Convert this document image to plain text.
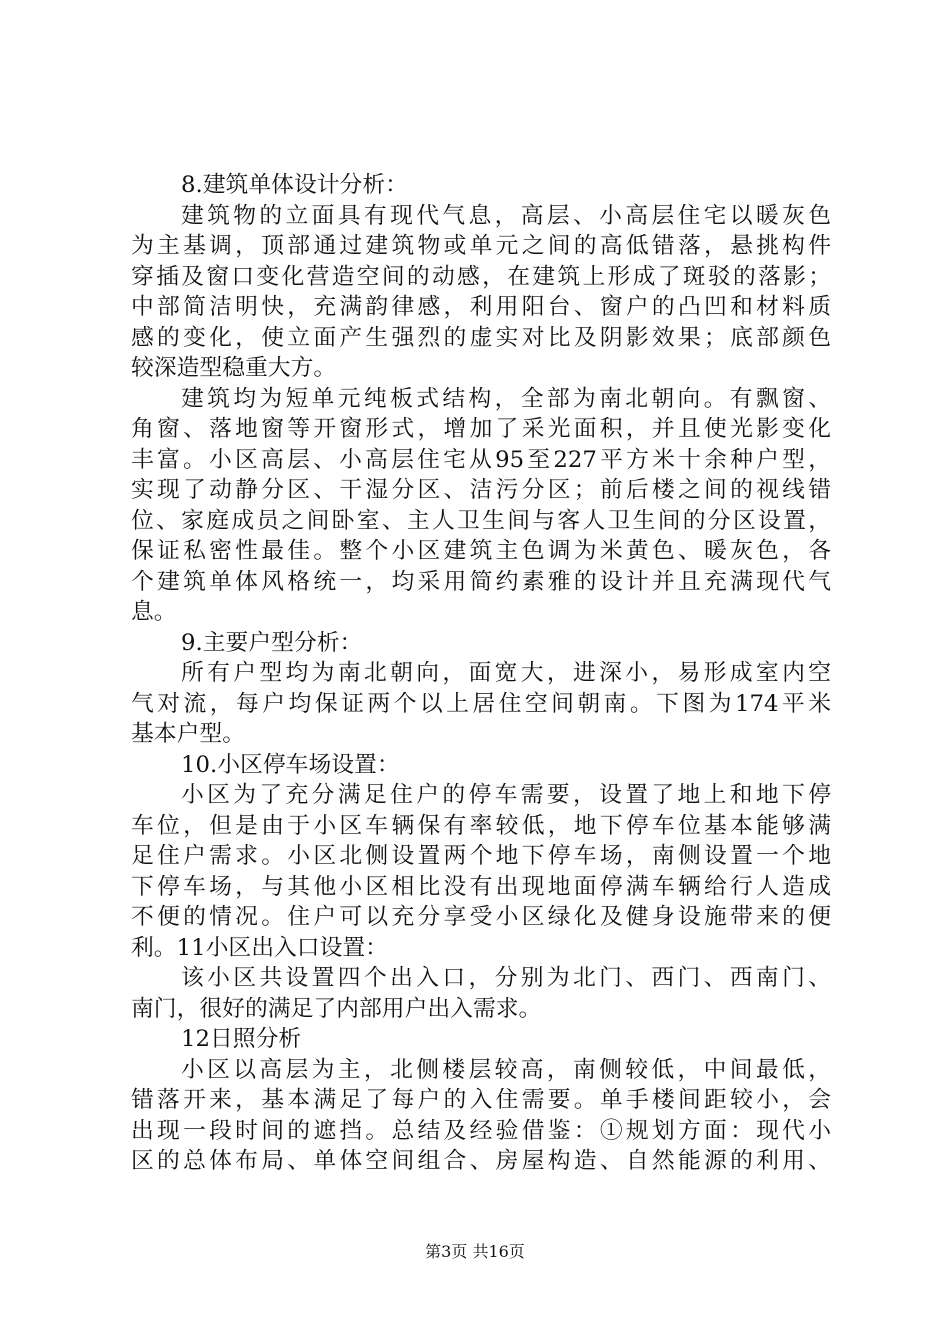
8.建筑单体设计分析：
建筑物的立面具有现代气息，高层、小高层住宅以暖灰色
为主基调，顶部通过建筑物或单元之间的高低错落，悬挑构件
穿插及窗口变化营造空间的动感，在建筑上形成了斑驳的落影；
中部简洁明快，充满韵律感，利用阳台、窗户的凸凹和材料质
感的变化，使立面产生强烈的虚实对比及阴影效果；底部颜色
较深造型稳重大方。
建筑均为短单元纯板式结构，全部为南北朝向。有飘窗、
角窗、落地窗等开窗形式，增加了采光面积，并且使光影变化
丰富。小区高层、小高层住宅从95至227平方米十余种户型，
实现了动静分区、干湿分区、洁污分区；前后楼之间的视线错
位、家庭成员之间卧室、主人卫生间与客人卫生间的分区设置，
保证私密性最佳。整个小区建筑主色调为米黄色、暖灰色，各
个建筑单体风格统一，均采用简约素雅的设计并且充满现代气
息。
9.主要户型分析：
所有户型均为南北朝向，面宽大，进深小，易形成室内空
气对流，每户均保证两个以上居住空间朝南。下图为174平米
基本户型。
10.小区停车场设置：
小区为了充分满足住户的停车需要，设置了地上和地下停
车位，但是由于小区车辆保有率较低，地下停车位基本能够满
足住户需求。小区北侧设置两个地下停车场，南侧设置一个地
下停车场，与其他小区相比没有出现地面停满车辆给行人造成
不便的情况。住户可以充分享受小区绿化及健身设施带来的便
利。11小区出入口设置：
该小区共设置四个出入口，分别为北门、西门、西南门、
南门，很好的满足了内部用户出入需求。
12日照分析
小区以高层为主，北侧楼层较高，南侧较低，中间最低，
错落开来，基本满足了每户的入住需要。单手楼间距较小，会
出现一段时间的遮挡。总结及经验借鉴：①规划方面：现代小
区的总体布局、单体空间组合、房屋构造、自然能源的利用、
第3页 共16页
